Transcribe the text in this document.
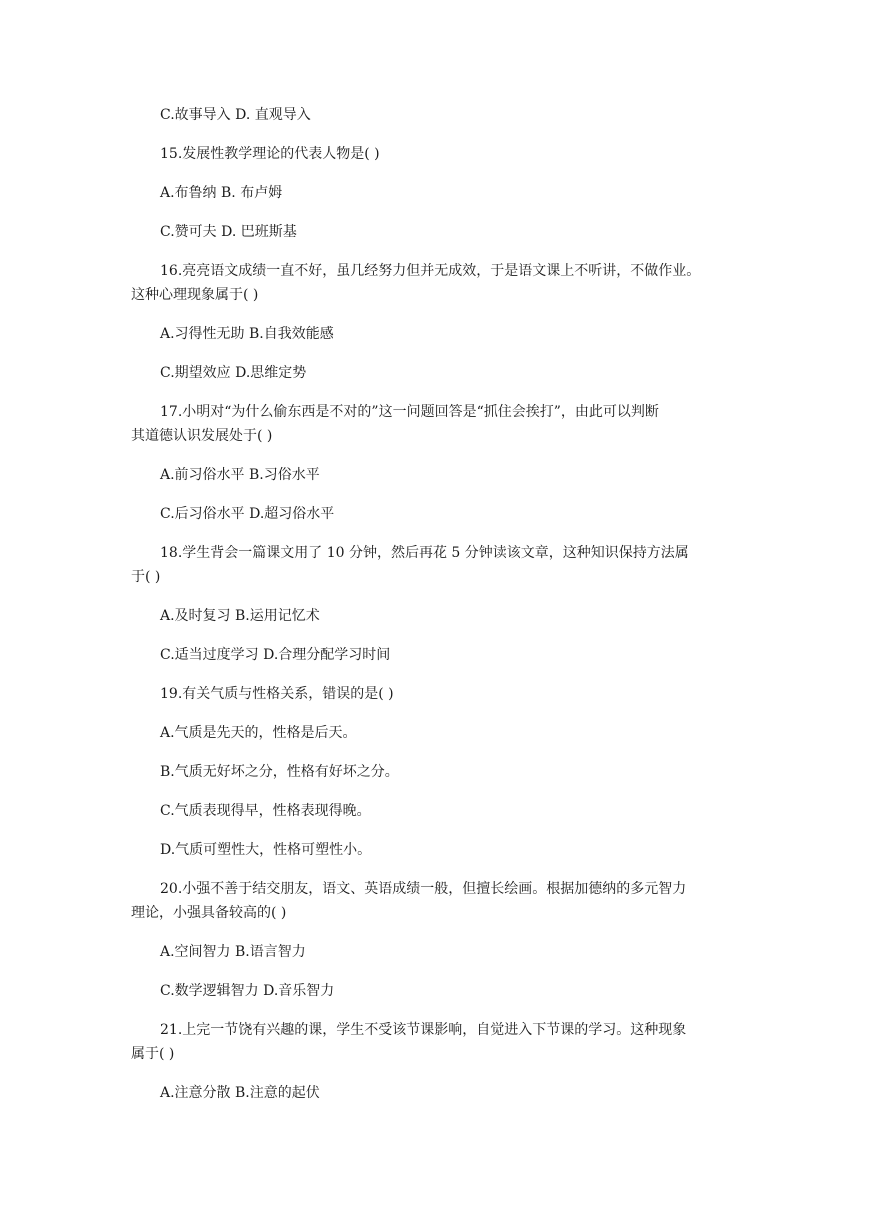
C.故事导入 D. 直观导入
15.发展性教学理论的代表人物是( )
A.布鲁纳 B. 布卢姆
C.赞可夫 D. 巴班斯基
16.亮亮语文成绩一直不好，虽几经努力但并无成效，于是语文课上不听讲，不做作业。
这种心理现象属于( )
A.习得性无助 B.自我效能感
C.期望效应 D.思维定势
17.小明对“为什么偷东西是不对的”这一问题回答是“抓住会挨打”，由此可以判断
其道德认识发展处于( )
A.前习俗水平 B.习俗水平
C.后习俗水平 D.超习俗水平
18.学生背会一篇课文用了 10 分钟，然后再花 5 分钟读该文章，这种知识保持方法属
于( )
A.及时复习 B.运用记忆术
C.适当过度学习 D.合理分配学习时间
19.有关气质与性格关系，错误的是( )
A.气质是先天的，性格是后天。
B.气质无好坏之分，性格有好坏之分。
C.气质表现得早，性格表现得晚。
D.气质可塑性大，性格可塑性小。
20.小强不善于结交朋友，语文、英语成绩一般，但擅长绘画。根据加德纳的多元智力
理论，小强具备较高的( )
A.空间智力 B.语言智力
C.数学逻辑智力 D.音乐智力
21.上完一节饶有兴趣的课，学生不受该节课影响，自觉进入下节课的学习。这种现象
属于( )
A.注意分散 B.注意的起伏
